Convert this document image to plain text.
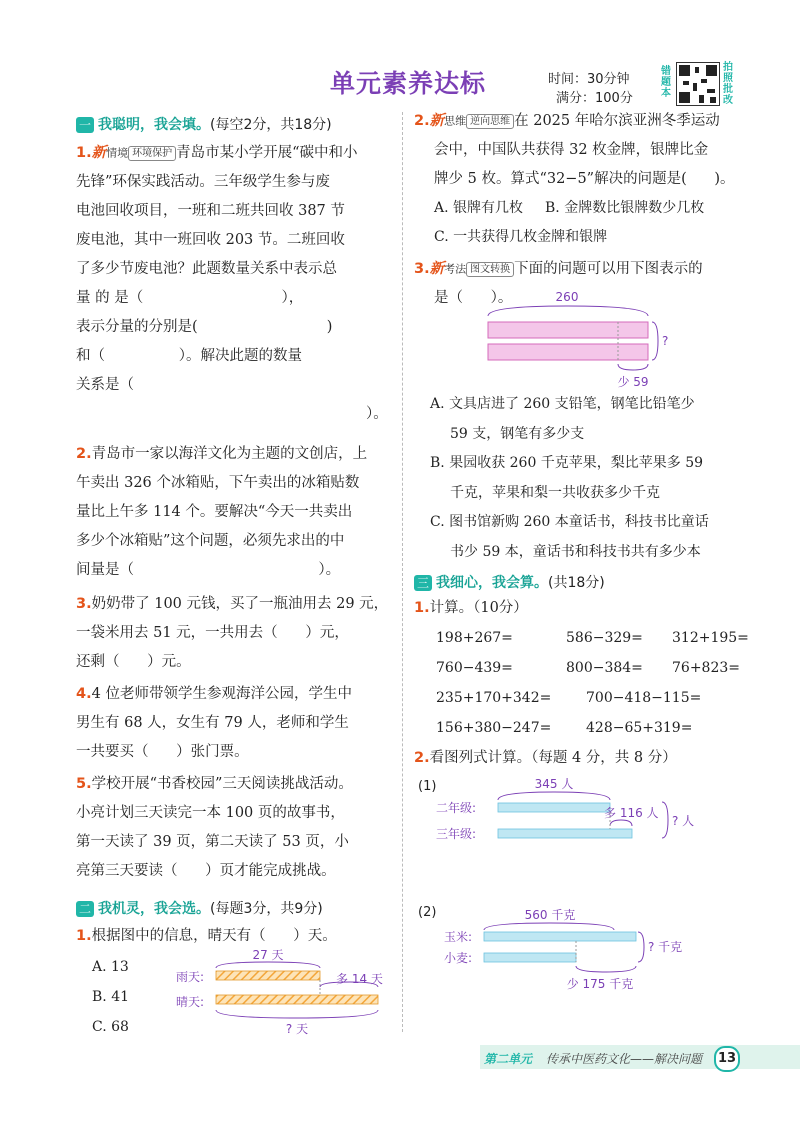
单元素养达标	时间：30分钟
满分：100分
错
题
本
拍
照
批
改
一 我聪明，我会填。(每空2分，共18分)
1.新情境 环境保护 青岛市某小学开展“碳中和小
先锋”环保实践活动。三年级学生参与废
电池回收项目，一班和二班共回收 387 节
废电池，其中一班回收 203 节。二班回收
了多少节废电池？此题数量关系中表示总
量 的 是（                              ），
表示分量的分别是(                            )
和（                ）。解决此题的数量
关系是（
）。
2.青岛市一家以海洋文化为主题的文创店，上
午卖出 326 个冰箱贴，下午卖出的冰箱贴数
量比上午多 114 个。要解决“今天一共卖出
多少个冰箱贴”这个问题，必须先求出的中
间量是（                                        ）。
3.奶奶带了 100 元钱，买了一瓶油用去 29 元，
一袋米用去 51 元，一共用去（      ）元，
还剩（      ）元。
4.4 位老师带领学生参观海洋公园，学生中
男生有 68 人，女生有 79 人，老师和学生
一共要买（      ）张门票。
5.学校开展“书香校园”三天阅读挑战活动。
小亮计划三天读完一本 100 页的故事书，
第一天读了 39 页，第二天读了 53 页，小
亮第三天要读（      ）页才能完成挑战。
二 我机灵，我会选。(每题3分，共9分)
1.根据图中的信息，晴天有（      ）天。
A. 13
B. 41
C. 68
27 天
雨天:	多 14 天
晴天:
? 天
2.新思维 逆向思维 在 2025 年哈尔滨亚洲冬季运动
会中，中国队共获得 32 枚金牌，银牌比金
牌少 5 枚。算式“32−5”解决的问题是(      )。
A. 银牌有几枚 B. 金牌数比银牌数少几枚
C. 一共获得几枚金牌和银牌
3.新考法 图文转换 下面的问题可以用下图表示的
是（      ）。	260
?
少 59
A. 文具店进了 260 支铅笔，钢笔比铅笔少
59 支，钢笔有多少支
B. 果园收获 260 千克苹果，梨比苹果多 59
千克，苹果和梨一共收获多少千克
C. 图书馆新购 260 本童话书，科技书比童话
书少 59 本，童话书和科技书共有多少本
三 我细心，我会算。(共18分)
1.计算。（10分）
198+267=	586−329= 312+195=
760−439=	800−384= 76+823=
235+170+342= 700−418−115=
156+380−247= 428−65+319=
2.看图列式计算。（每题 4 分，共 8 分）
(1)	345 人
二年级:	多 116 人
三年级:
? 人
(2)	560 千克
玉米:
小麦:
? 千克
少 175 千克
第二单元 传承中医药文化——解决问题	13
